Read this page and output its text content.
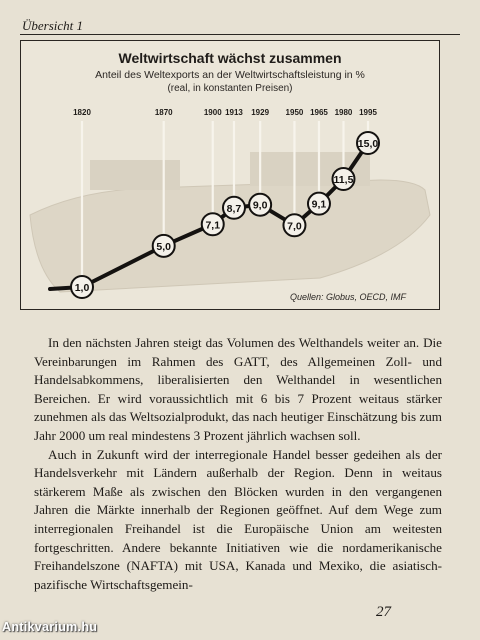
Übersicht 1
1,0
1820
5,0
1870
7,1
1900
8,7
1913
9,0
1929
7,0
1950
9,1
1965
11,5
1980
15,0
1995
Weltwirtschaft wächst zusammen
Anteil des Weltexports an der Weltwirtschaftsleistung in %
(real, in konstanten Preisen)
Quellen: Globus, OECD, IMF

In den nächsten Jahren steigt das Volumen des Welthandels weiter an. Die Vereinbarungen im Rahmen des GATT, des Allgemeinen Zoll- und Handelsabkommens, liberalisierten den Welthandel in wesentlichen Bereichen. Er wird voraussichtlich mit 6 bis 7 Prozent weitaus stärker zunehmen als das Weltsozialprodukt, das nach heutiger Einschätzung bis zum Jahr 2000 um real mindestens 3 Prozent jährlich wachsen soll.

Auch in Zukunft wird der interregionale Handel besser gedeihen als der Handelsverkehr mit Ländern außerhalb der Region. Denn in weitaus stärkerem Maße als zwischen den Blöcken wurden in den vergangenen Jahren die Märkte innerhalb der Regionen geöffnet. Auf dem Wege zum interregionalen Freihandel ist die Europäische Union am weitesten fortgeschritten. Andere bekannte Initiativen wie die nordamerikanische Freihandelszone (NAFTA) mit USA, Kanada und Mexiko, die asiatisch-pazifische Wirtschaftsgemein-

27
Antikvarium.hu
